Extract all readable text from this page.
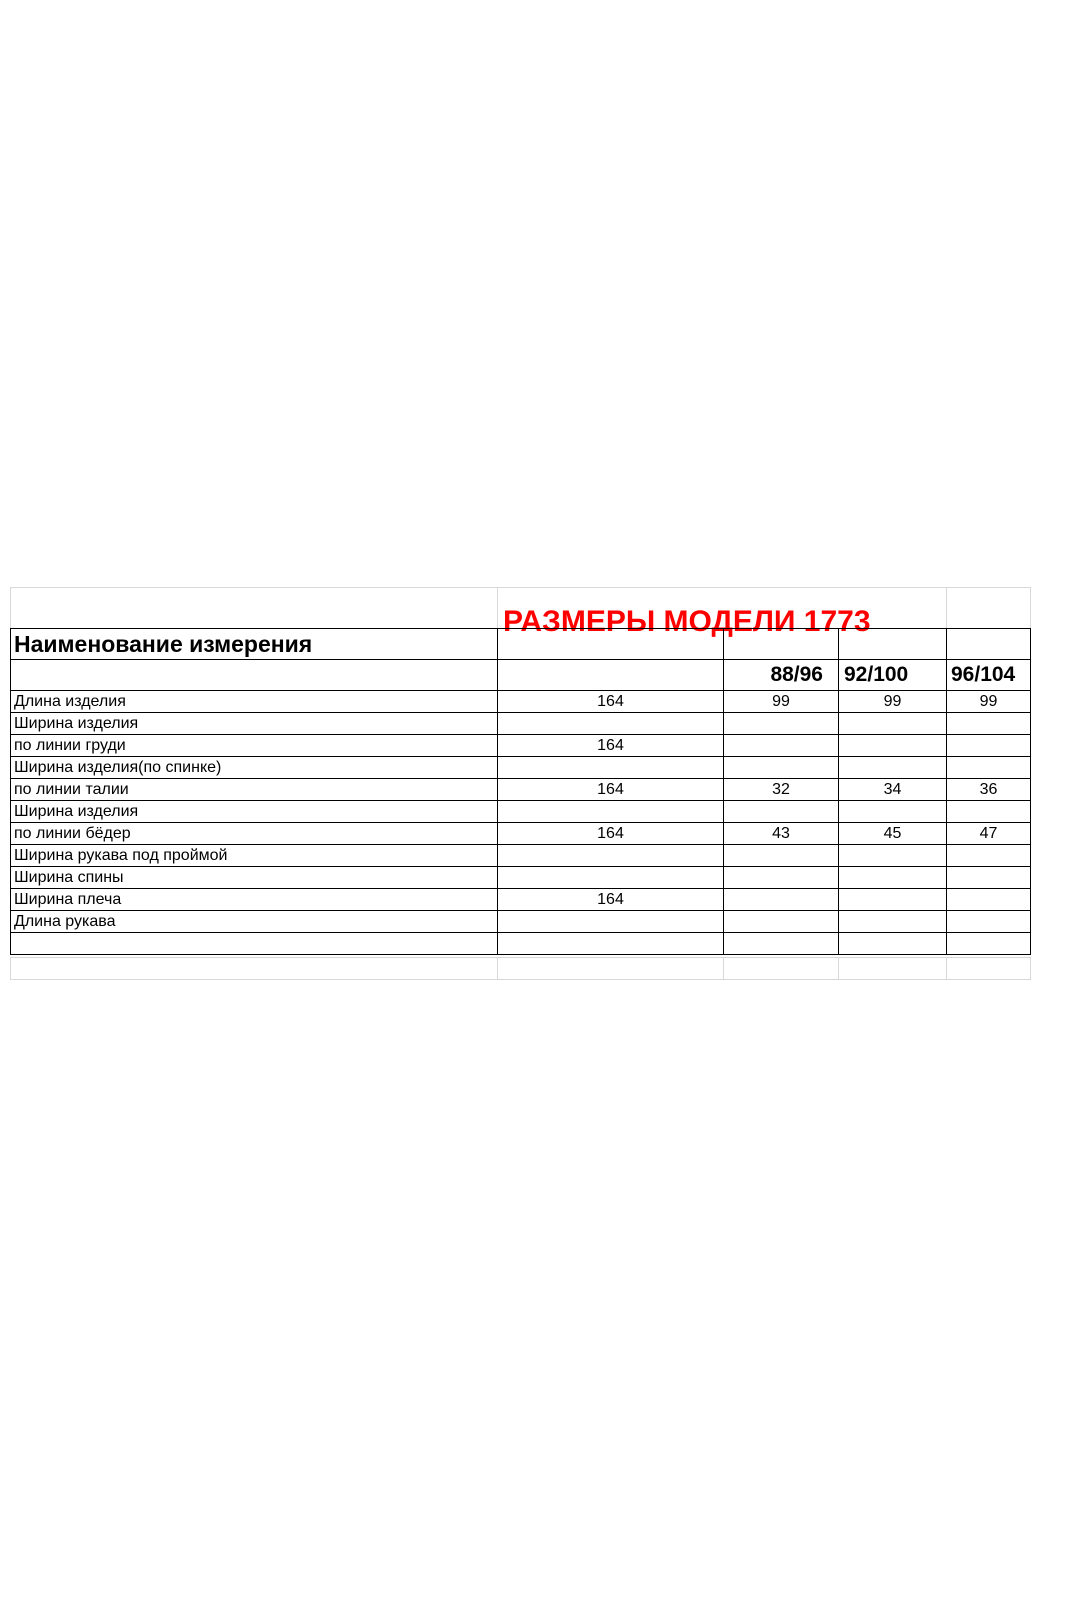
РАЗМЕРЫ МОДЕЛИ 1773
Наименование измерения				
		88/96	92/100	96/104
Длина изделия	164	99	99	99
Ширина изделия				
по линии груди	164			
Ширина изделия(по спинке)				
по линии талии	164	32	34	36
Ширина изделия				
по линии бёдер	164	43	45	47
Ширина рукава под проймой				
Ширина спины				
Ширина плеча	164			
Длина рукава				
